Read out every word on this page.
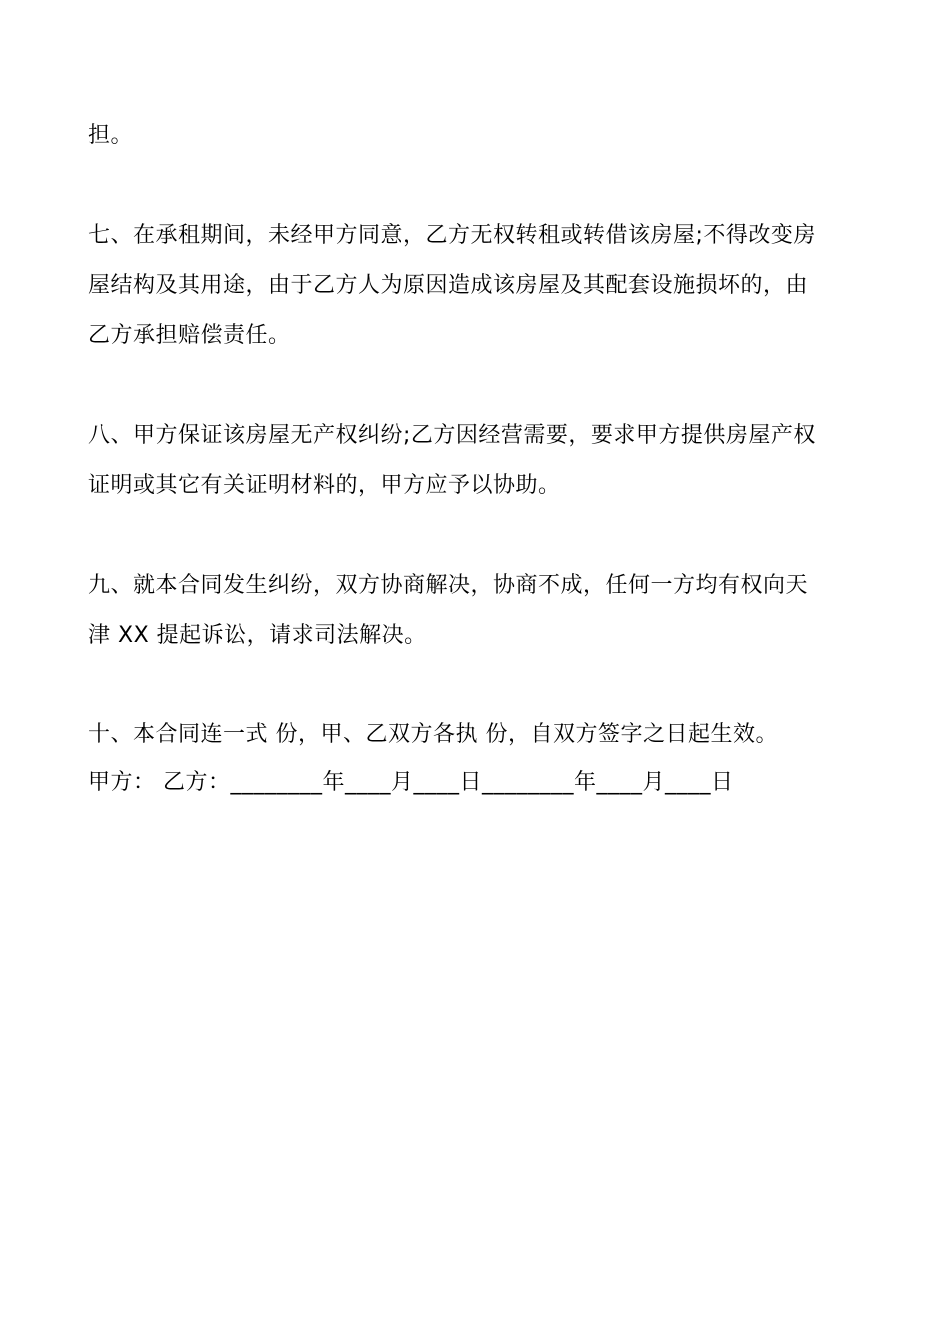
担。
七、在承租期间，未经甲方同意，乙方无权转租或转借该房屋;不得改变房
屋结构及其用途，由于乙方人为原因造成该房屋及其配套设施损坏的，由
乙方承担赔偿责任。
八、甲方保证该房屋无产权纠纷;乙方因经营需要，要求甲方提供房屋产权
证明或其它有关证明材料的，甲方应予以协助。
九、就本合同发生纠纷，双方协商解决，协商不成，任何一方均有权向天
津 XX 提起诉讼，请求司法解决。
十、本合同连一式 份，甲、乙双方各执 份，自双方签字之日起生效。
甲方： 乙方：________年____月____日________年____月____日
